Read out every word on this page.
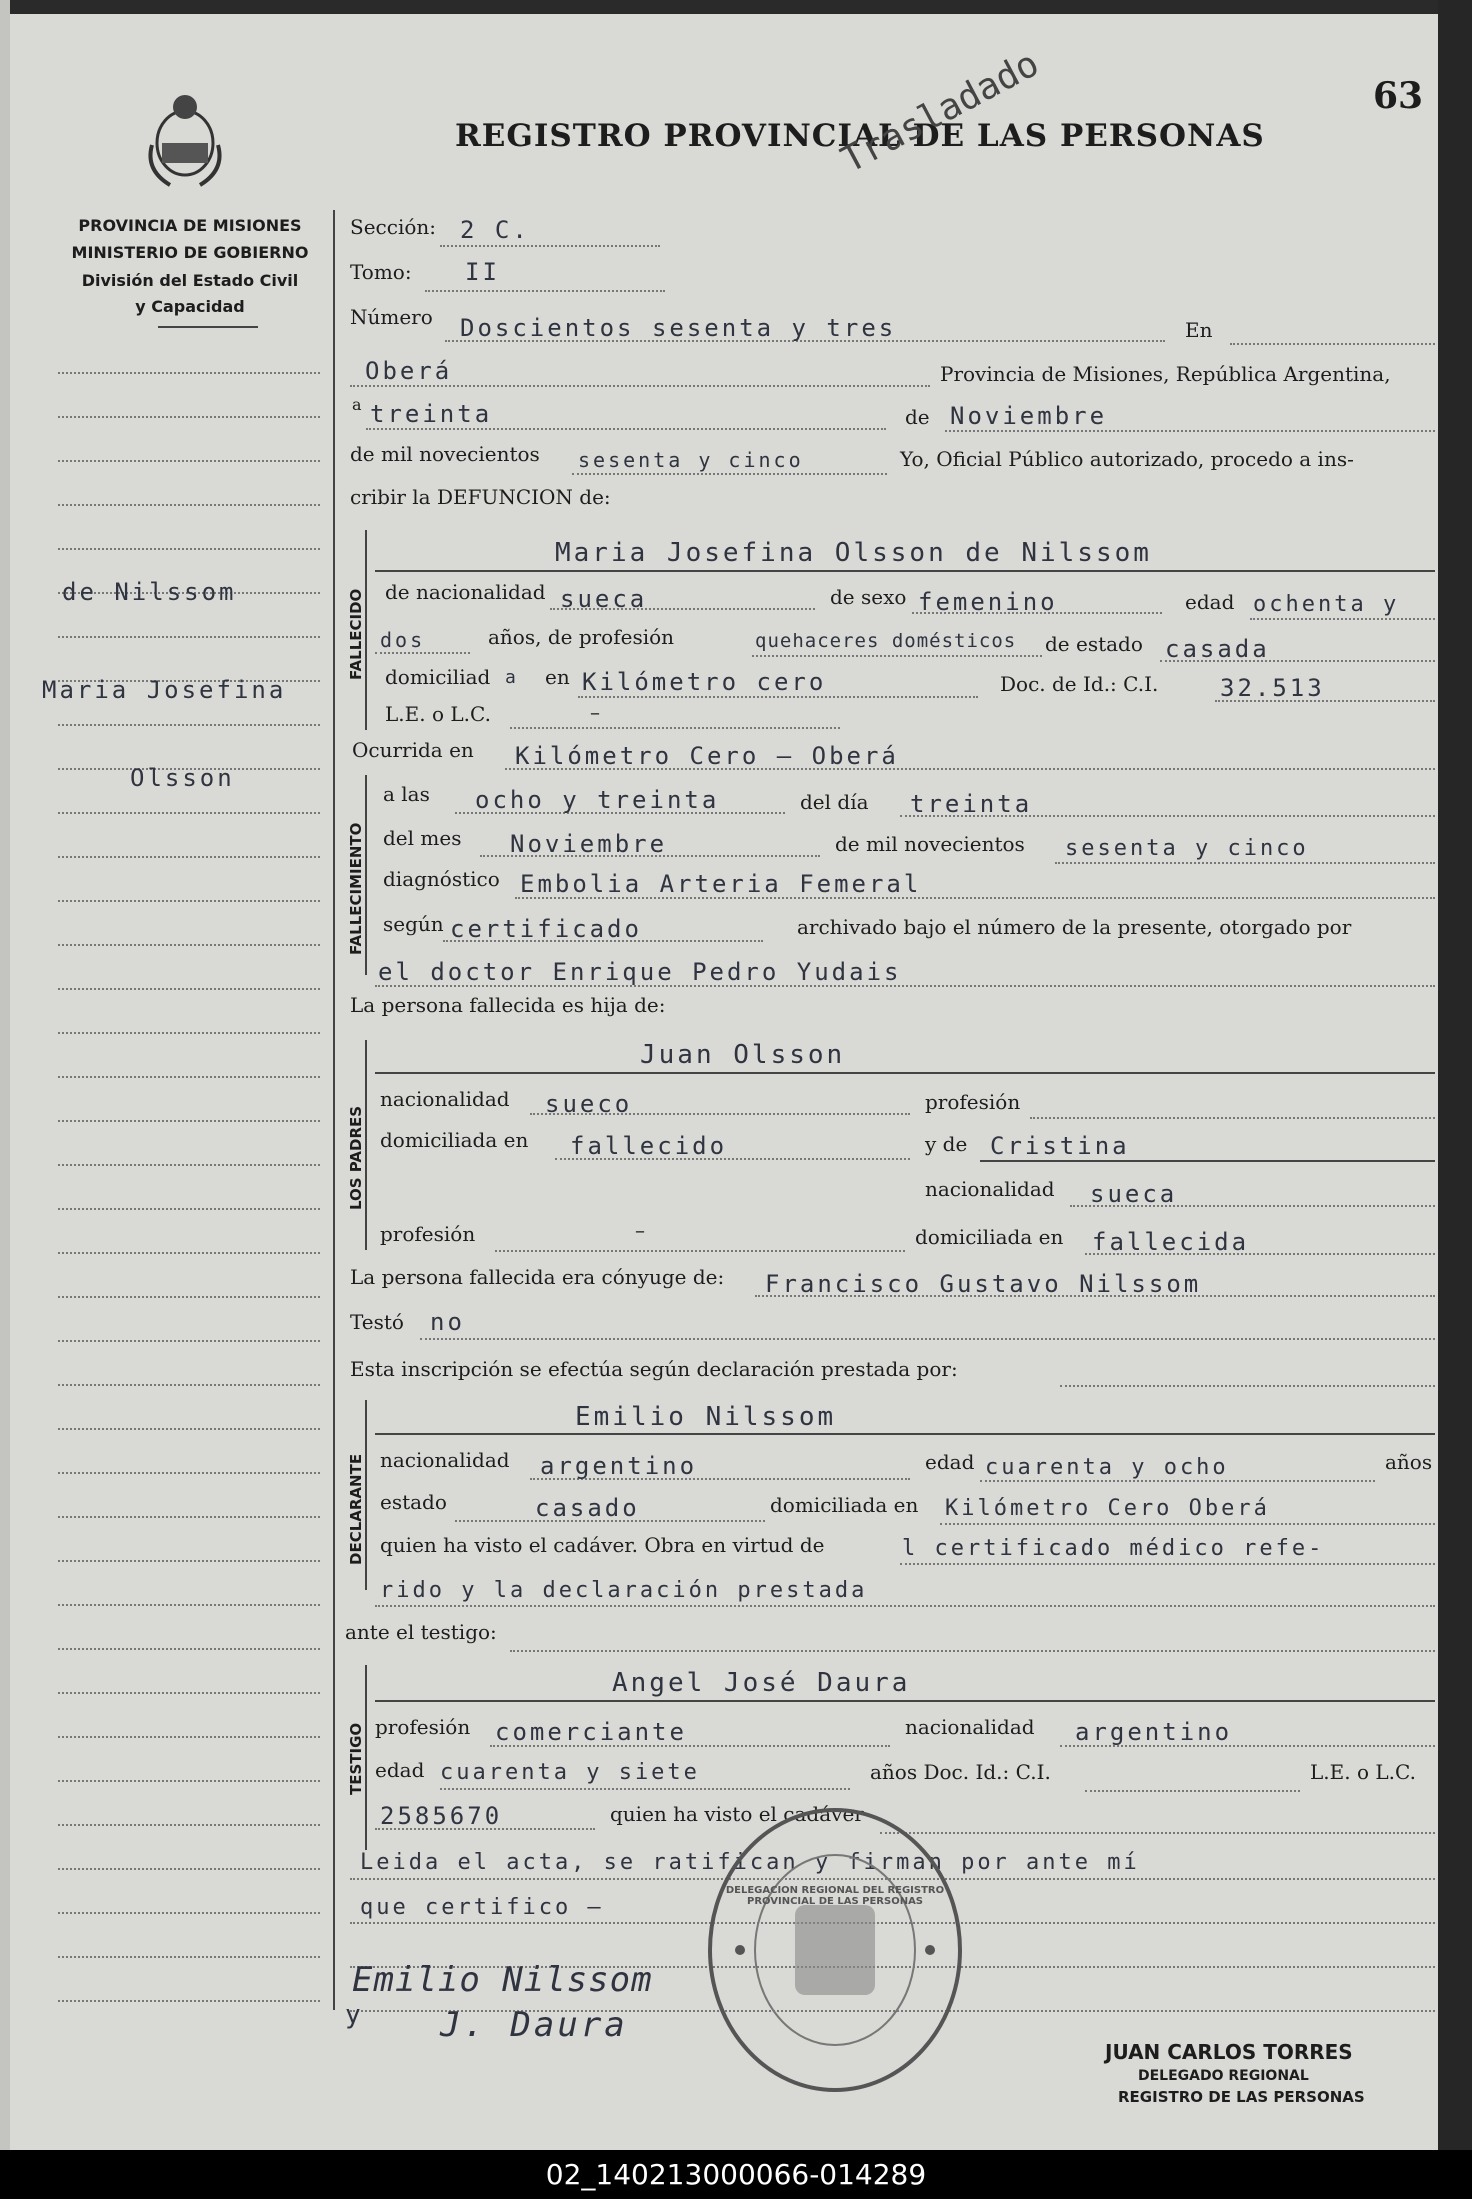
63
REGISTRO PROVINCIAL DE LAS PERSONAS
Trasladado
PROVINCIA DE MISIONES
MINISTERIO DE GOBIERNO
División del Estado Civil
y Capacidad
de Nilssom
Maria Josefina
Olsson
Sección: 2 C.
Tomo: II
Número Doscientos sesenta y tres	En
Oberá	Provincia de Misiones, República Argentina,
a treinta	de Noviembre
de mil novecientos sesenta y cinco	Yo, Oficial Público autorizado, procedo a ins-
cribir la DEFUNCION de:
FALLECIDO
Maria Josefina Olsson de Nilssom
de nacionalidad sueca	de sexo femenino	edad ochenta y
dos	años, de profesión	quehaceres domésticos de estado casada
domiciliad a en Kilómetro cero	Doc. de Id.: C.I.	32.513
L.E. o L.C.	–
Ocurrida en Kilómetro Cero – Oberá
FALLECIMIENTO
a las ocho y treinta	del día treinta
del mes Noviembre	de mil novecientos sesenta y cinco
diagnóstico Embolia Arteria Femeral
según certificado	archivado bajo el número de la presente, otorgado por
el doctor Enrique Pedro Yudais
La persona fallecida es hija de:
LOS PADRES
Juan Olsson
nacionalidad sueco	profesión
domiciliada en fallecido	y de Cristina
nacionalidad sueca
profesión	–	domiciliada en fallecida
La persona fallecida era cónyuge de: Francisco Gustavo Nilssom
Testó no
Esta inscripción se efectúa según declaración prestada por:
DECLARANTE
Emilio Nilssom
nacionalidad argentino	edad cuarenta y ocho	años
estado	casado	domiciliada en Kilómetro Cero Oberá
quien ha visto el cadáver. Obra en virtud de	l certificado médico refe-
rido y la declaración prestada
ante el testigo:
TESTIGO
Angel José Daura
profesión comerciante	nacionalidad argentino
edad cuarenta y siete	años Doc. Id.: C.I.	L.E. o L.C.
2585670	quien ha visto el cadáver
Leida el acta, se ratifican y firman por ante mí
que certifico –
Emilio Nilssom
y J. Daura
DELEGACION REGIONAL DEL REGISTRO PROVINCIAL DE LAS PERSONAS
JUAN CARLOS TORRES
DELEGADO REGIONAL
REGISTRO DE LAS PERSONAS
02_140213000066-014289
